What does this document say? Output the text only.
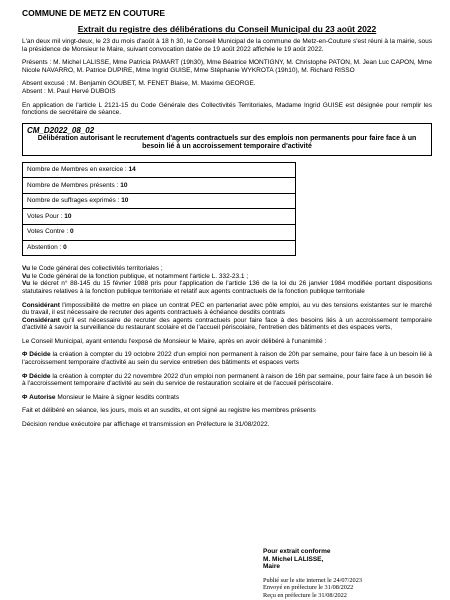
COMMUNE DE METZ EN COUTURE
Extrait du registre des délibérations du Conseil Municipal du 23 août 2022

L'an deux mil vingt-deux, le 23 du mois d'août à 18 h 30, le Conseil Municipal de la commune de Metz-en-Couture s'est réuni à la mairie, sous la présidence de Monsieur le Maire, suivant convocation datée de 19 août 2022 affichée le 19 août 2022.

Présents : M. Michel LALISSE, Mme Patricia PAMART (19h30), Mme Béatrice MONTIGNY, M. Christophe PATON, M. Jean Luc CAPON, Mme Nicole NAVARRO, M. Patrice DUPIRE, Mme Ingrid GUISE, Mme Stéphanie WYKROTA (19h10), M. Richard RISSO

Absent excusé : M. Benjamin GOUBET, M. FENET Blaise, M. Maxime GEORGE.

Absent : M. Paul Hervé DUBOIS

En application de l'article L 2121-15 du Code Générale des Collectivités Territoriales, Madame Ingrid GUISE est désignée pour remplir les fonctions de secrétaire de séance.

CM_D2022_08_02
Délibération autorisant le recrutement d'agents contractuels sur des emplois non permanents pour faire face à un besoin lié à un accroissement temporaire d'activité
Nombre de Membres en exercice : 14
Nombre de Membres présents : 10
Nombre de suffrages exprimés : 10
Votes Pour : 10
Votes Contre : 0
Abstention : 0

Vu le Code général des collectivités territoriales ;

Vu le Code général de la fonction publique, et notamment l'article L. 332-23.1 ;

Vu le décret n° 88-145 du 15 février 1988 pris pour l'application de l'article 136 de la loi du 26 janvier 1984 modifiée portant dispositions statutaires relatives à la fonction publique territoriale et relatif aux agents contractuels de la fonction publique territoriale

Considérant l'impossibilité de mettre en place un contrat PEC en partenariat avec pôle emploi, au vu des tensions existantes sur le marché du travail, il est nécessaire de recruter des agents contractuels à échéance desdits contrats

Considérant qu'il est nécessaire de recruter des agents contractuels pour faire face à des besoins liés à un accroissement temporaire d'activité à savoir la surveillance du restaurant scolaire et de l'accueil périscolaire, l'entretien des bâtiments et des espaces verts,

Le Conseil Municipal, ayant entendu l'exposé de Monsieur le Maire, après en avoir délibéré à l'unanimité :

Φ Décide la création à compter du 19 octobre 2022 d'un emploi non permanent à raison de 20h par semaine, pour faire face à un besoin lié à l'accroissement temporaire d'activité au sein du service entretien des bâtiments et espaces verts

Φ Décide la création à compter du 22 novembre 2022 d'un emploi non permanent à raison de 16h par semaine, pour faire face à un besoin lié à l'accroissement temporaire d'activité au sein du service de restauration scolaire et de l'accueil périscolaire.

Φ Autorise Monsieur le Maire à signer lesdits contrats

Fait et délibéré en séance, les jours, mois et an susdits, et ont signé au registre les membres présents

Décision rendue exécutoire par affichage et transmission en Préfecture le 31/08/2022.

Pour extrait conforme
M. Michel LALISSE,
Maire
Publié sur le site internet le 24/07/2023
Envoyé en préfecture le 31/08/2022
Reçu en préfecture le 31/08/2022
